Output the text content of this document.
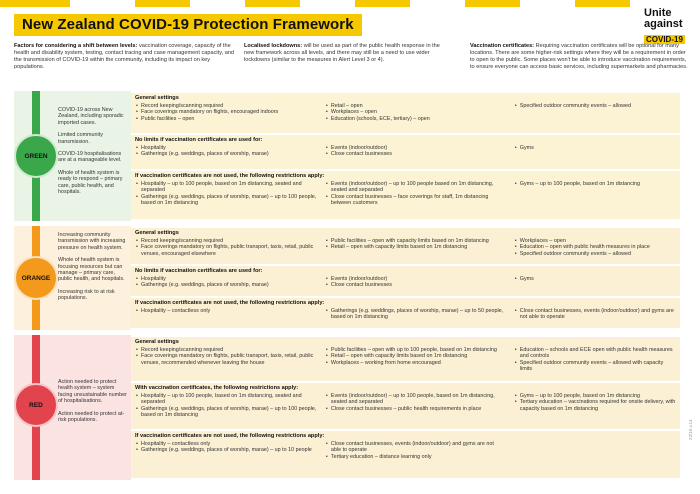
New Zealand COVID-19 Protection Framework
Unite
against
COVID-19
Factors for considering a shift between levels: vaccination coverage, capacity of the health and disability system, testing, contact tracing and case management capacity, and the transmission of COVID-19 within the community, including its impact on key populations.
Localised lockdowns: will be used as part of the public health response in the new framework across all levels, and there may still be a need to use wider lockdowns (similar to the measures in Alert Level 3 or 4).
Vaccination certificates: Requiring vaccination certificates will be optional for many locations. There are some higher-risk settings where they will be a requirement in order to open to the public. Some places won't be able to introduce vaccination requirements, to ensure everyone can access basic services, including supermarkets and pharmacies.
GREEN

COVID-19 across New Zealand, including sporadic imported cases.

Limited community transmission.

COVID-19 hospitalisations are at a manageable level.

Whole of health system is ready to respond – primary care, public health, and hospitals.

General settings
• Record keeping/scanning required
• Face coverings mandatory on flights, encouraged indoors
• Public facilities – open
• Retail – open
• Workplaces – open
• Education (schools, ECE, tertiary) – open
• Specified outdoor community events – allowed
No limits if vaccination certificates are used for:
• Hospitality
• Gatherings (e.g. weddings, places of worship, marae)
• Events (indoor/outdoor)
• Close contact businesses
• Gyms
If vaccination certificates are not used, the following restrictions apply:
• Hospitality – up to 100 people, based on 1m distancing, seated and separated
• Gatherings (e.g. weddings, places of worship, marae) – up to 100 people, based on 1m distancing
• Events (indoor/outdoor) – up to 100 people based on 1m distancing, seated and separated
• Close contact businesses – face coverings for staff, 1m distancing between customers
• Gyms – up to 100 people, based on 1m distancing
ORANGE

Increasing community transmission with increasing pressure on health system.

Whole of health system is focusing resources but can manage – primary care, public health, and hospitals.

Increasing risk to at risk populations.

General settings
• Record keeping/scanning required
• Face coverings mandatory on flights, public transport, taxis, retail, public venues, encouraged elsewhere
• Public facilities – open with capacity limits based on 1m distancing
• Retail – open with capacity limits based on 1m distancing
• Workplaces – open
• Education – open with public health measures in place
• Specified outdoor community events – allowed
No limits if vaccination certificates are used for:
• Hospitality
• Gatherings (e.g. weddings, places of worship, marae)
• Events (indoor/outdoor)
• Close contact businesses
• Gyms
If vaccination certificates are not used, the following restrictions apply:
• Hospitality – contactless only
•	Gatherings (e.g. weddings, places of worship, marae) – up to 50 people, based on 1m distancing
• Close contact businesses, events (indoor/outdoor) and gyms are not able to operate
RED

Action needed to protect health system – system facing unsustainable number of hospitalisations.

Action needed to protect at-risk populations.

General settings
• Record keeping/scanning required
• Face coverings mandatory on flights, public transport, taxis, retail, public venues, recommended whenever leaving the house
• Public facilities – open with up to 100 people, based on 1m distancing
• Retail – open with capacity limits based on 1m distancing
• Workplaces – working from home encouraged
• Education – schools and ECE open with public health measures and controls
• Specified outdoor community events – allowed with capacity limits
With vaccination certificates, the following restrictions apply:
• Hospitality – up to 100 people, based on 1m distancing, seated and separated
• Gatherings (e.g. weddings, places of worship, marae) – up to 100 people, based on 1m distancing
• Events (indoor/outdoor) – up to 100 people, based on 1m distancing, seated and separated
• Close contact businesses – public health requirements in place
• Gyms – up to 100 people, based on 1m distancing
• Tertiary education – vaccinations required for onsite delivery, with capacity based on 1m distancing
If vaccination certificates are not used, the following restrictions apply:
• Hospitality – contactless only
• Gatherings (e.g. weddings, places of worship, marae) – up to 10 people
• Close contact businesses, events (indoor/outdoor) and gyms are not able to operate
• Tertiary education – distance learning only
22/10 v.14
